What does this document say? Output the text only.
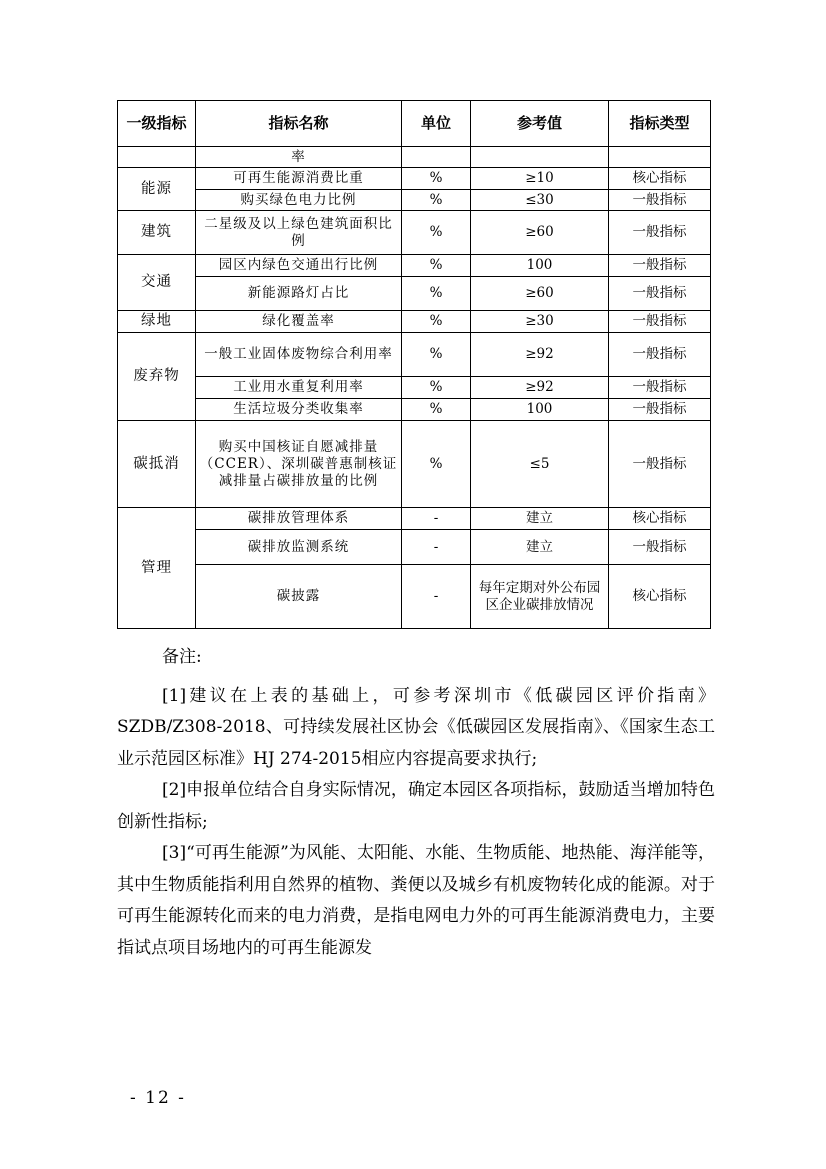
一级指标	指标名称	单位	参考值	指标类型
	率			
能源	可再生能源消费比重	%	≥10	核心指标
	购买绿色电力比例	%	≤30	一般指标
建筑	二星级及以上绿色建筑面积比例	%	≥60	一般指标
交通	园区内绿色交通出行比例	%	100	一般指标
	新能源路灯占比	%	≥60	一般指标
绿地	绿化覆盖率	%	≥30	一般指标
废弃物	一般工业固体废物综合利用率	%	≥92	一般指标
	工业用水重复利用率	%	≥92	一般指标
	生活垃圾分类收集率	%	100	一般指标
碳抵消	购买中国核证自愿减排量（CCER）、深圳碳普惠制核证减排量占碳排放量的比例	%	≤5	一般指标
管理	碳排放管理体系	-	建立	核心指标
	碳排放监测系统	-	建立	一般指标
	碳披露	-	每年定期对外公布园区企业碳排放情况	核心指标

备注:

[1]建议在上表的基础上，可参考深圳市《低碳园区评价指南》SZDB/Z308-2018、可持续发展社区协会《低碳园区发展指南》、《国家生态工业示范园区标准》HJ 274-2015相应内容提高要求执行;

[2]申报单位结合自身实际情况，确定本园区各项指标，鼓励适当增加特色创新性指标;

[3]“可再生能源”为风能、太阳能、水能、生物质能、地热能、海洋能等，其中生物质能指利用自然界的植物、粪便以及城乡有机废物转化成的能源。对于可再生能源转化而来的电力消费，是指电网电力外的可再生能源消费电力，主要指试点项目场地内的可再生能源发

- 12 -
